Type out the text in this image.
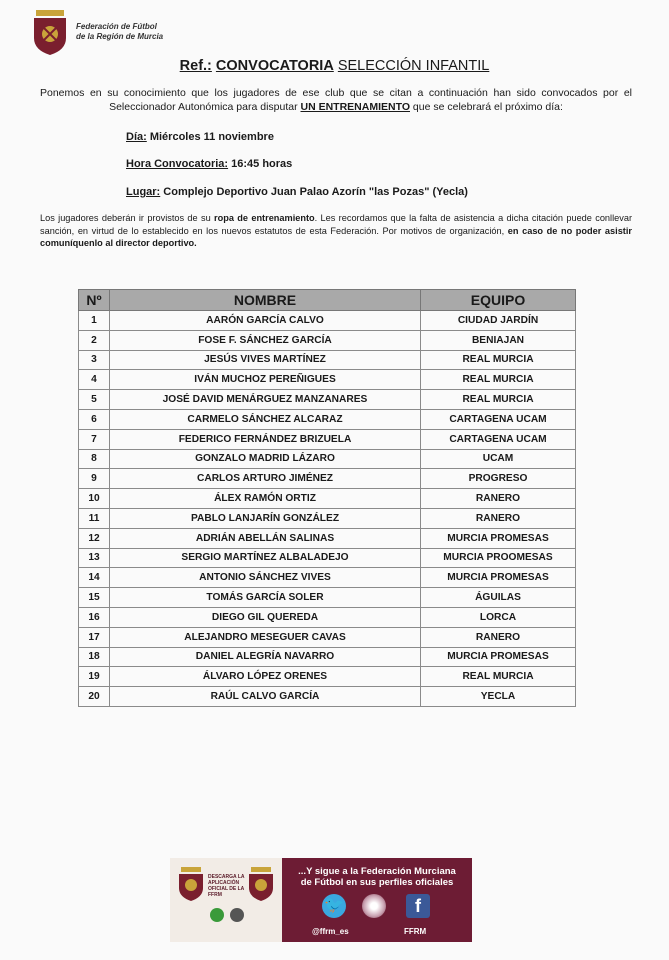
Federación de Fútbol
de la Región de Murcia
Ref.: CONVOCATORIA SELECCIÓN INFANTIL
Ponemos en su conocimiento que los jugadores de ese club que se citan a continuación han sido convocados por el Seleccionador Autonómica para disputar UN ENTRENAMIENTO que se celebrará el próximo día:
Día: Miércoles 11 noviembre
Hora Convocatoria: 16:45 horas
Lugar: Complejo Deportivo Juan Palao Azorín "las Pozas" (Yecla)
Los jugadores deberán ir provistos de su ropa de entrenamiento. Les recordamos que la falta de asistencia a dicha citación puede conllevar sanción, en virtud de lo establecido en los nuevos estatutos de esta Federación. Por motivos de organización, en caso de no poder asistir comuníquenlo al director deportivo.
Nº	NOMBRE	EQUIPO
1	AARÓN GARCÍA CALVO	CIUDAD JARDÍN
2	FOSE F. SÁNCHEZ GARCÍA	BENIAJAN
3	JESÚS VIVES MARTÍNEZ	REAL MURCIA
4	IVÁN MUCHOZ PEREÑIGUES	REAL MURCIA
5	JOSÉ DAVID MENÁRGUEZ MANZANARES	REAL MURCIA
6	CARMELO SÁNCHEZ ALCARAZ	CARTAGENA UCAM
7	FEDERICO FERNÁNDEZ BRIZUELA	CARTAGENA UCAM
8	GONZALO MADRID LÁZARO	UCAM
9	CARLOS ARTURO JIMÉNEZ	PROGRESO
10	ÁLEX RAMÓN ORTIZ	RANERO
11	PABLO LANJARÍN GONZÁLEZ	RANERO
12	ADRIÁN ABELLÁN SALINAS	MURCIA PROMESAS
13	SERGIO MARTÍNEZ ALBALADEJO	MURCIA PROOMESAS
14	ANTONIO SÁNCHEZ VIVES	MURCIA PROMESAS
15	TOMÁS GARCÍA SOLER	ÁGUILAS
16	DIEGO GIL QUEREDA	LORCA
17	ALEJANDRO MESEGUER CAVAS	RANERO
18	DANIEL ALEGRÍA NAVARRO	MURCIA PROMESAS
19	ÁLVARO LÓPEZ ORENES	REAL MURCIA
20	RAÚL CALVO GARCÍA	YECLA
DESCARGA LA APLICACIÓN OFICIAL DE LA FFRM
...Y sigue a la Federación Murciana
de Fútbol en sus perfiles oficiales
🐦	f
@ffrm_es	FFRM
